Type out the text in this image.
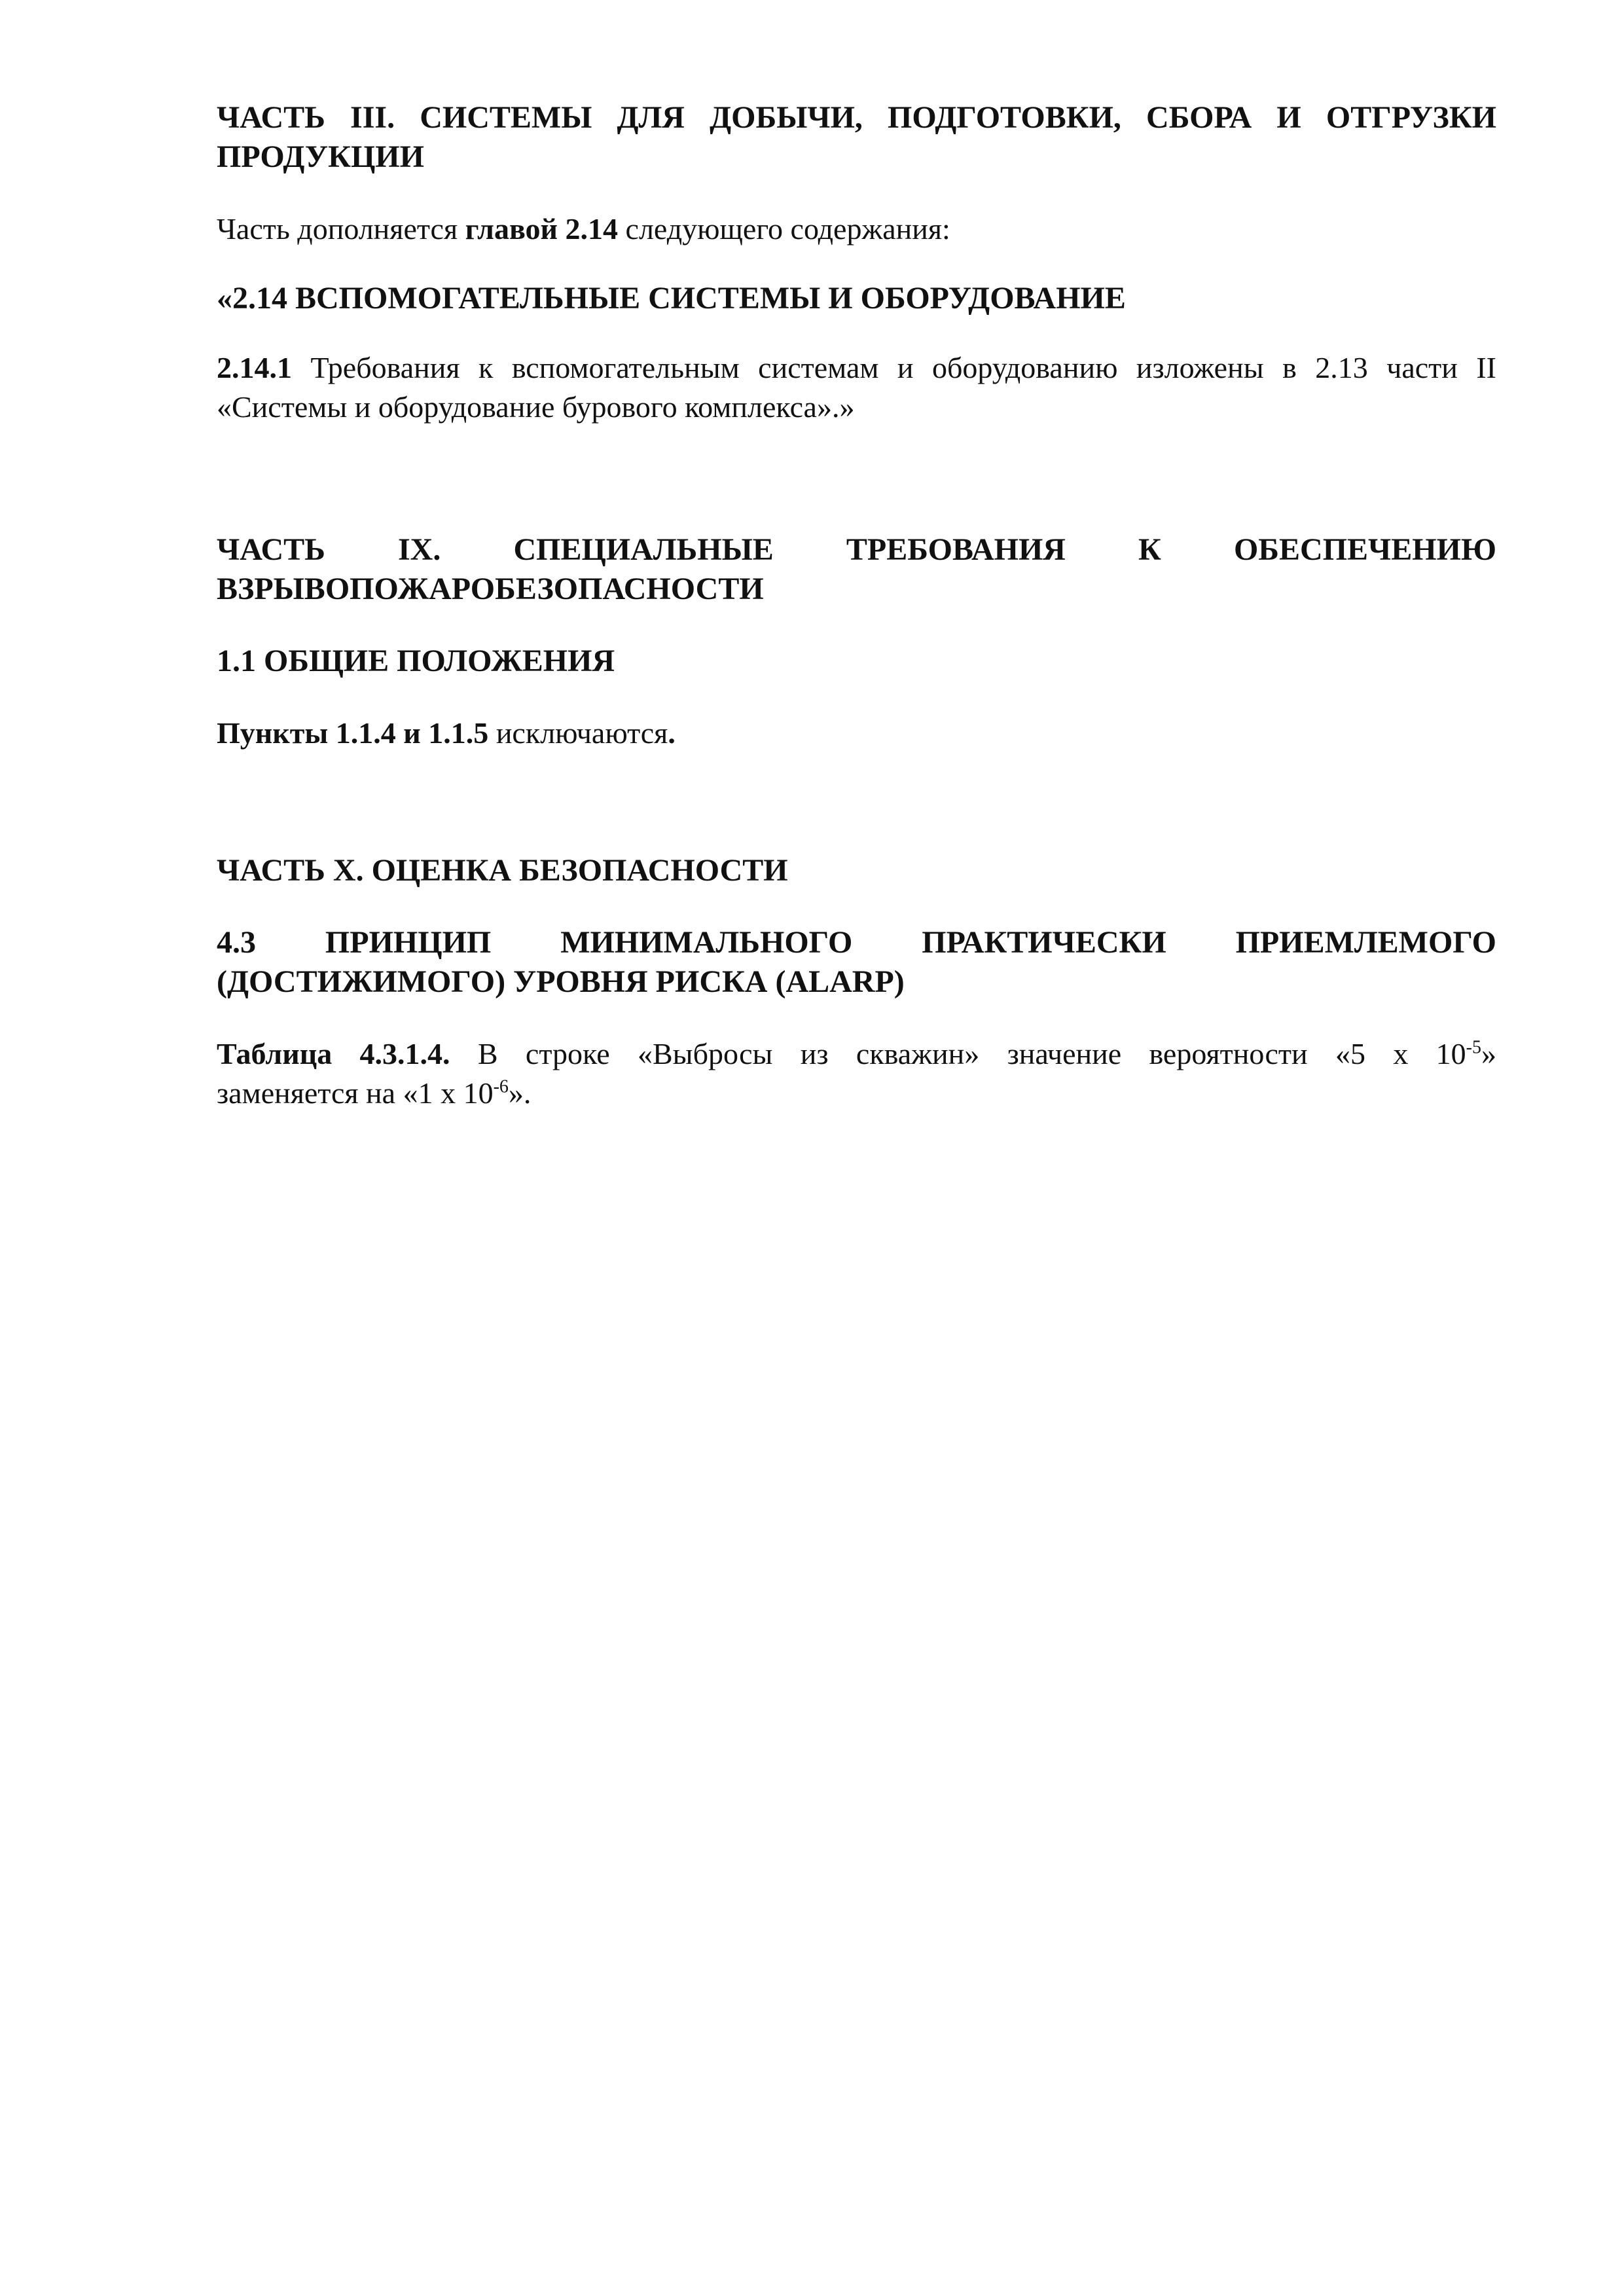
ЧАСТЬ III. СИСТЕМЫ ДЛЯ ДОБЫЧИ, ПОДГОТОВКИ, СБОРА И ОТГРУЗКИ
ПРОДУКЦИИ

Часть дополняется главой 2.14 следующего содержания:

«2.14 ВСПОМОГАТЕЛЬНЫЕ СИСТЕМЫ И ОБОРУДОВАНИЕ

2.14.1 Требования к вспомогательным системам и оборудованию изложены в 2.13 части II
«Системы и оборудование бурового комплекса».»

ЧАСТЬ IX. СПЕЦИАЛЬНЫЕ ТРЕБОВАНИЯ К ОБЕСПЕЧЕНИЮ
ВЗРЫВОПОЖАРОБЕЗОПАСНОСТИ
1.1 ОБЩИЕ ПОЛОЖЕНИЯ

Пункты 1.1.4 и 1.1.5 исключаются.

ЧАСТЬ X. ОЦЕНКА БЕЗОПАСНОСТИ
4.3 ПРИНЦИП МИНИМАЛЬНОГО ПРАКТИЧЕСКИ ПРИЕМЛЕМОГО
(ДОСТИЖИМОГО) УРОВНЯ РИСКА (ALARP)

Таблица 4.3.1.4. В строке «Выбросы из скважин» значение вероятности «5 х $10^{-5}$»
заменяется на «1 х $10^{-6}$».
